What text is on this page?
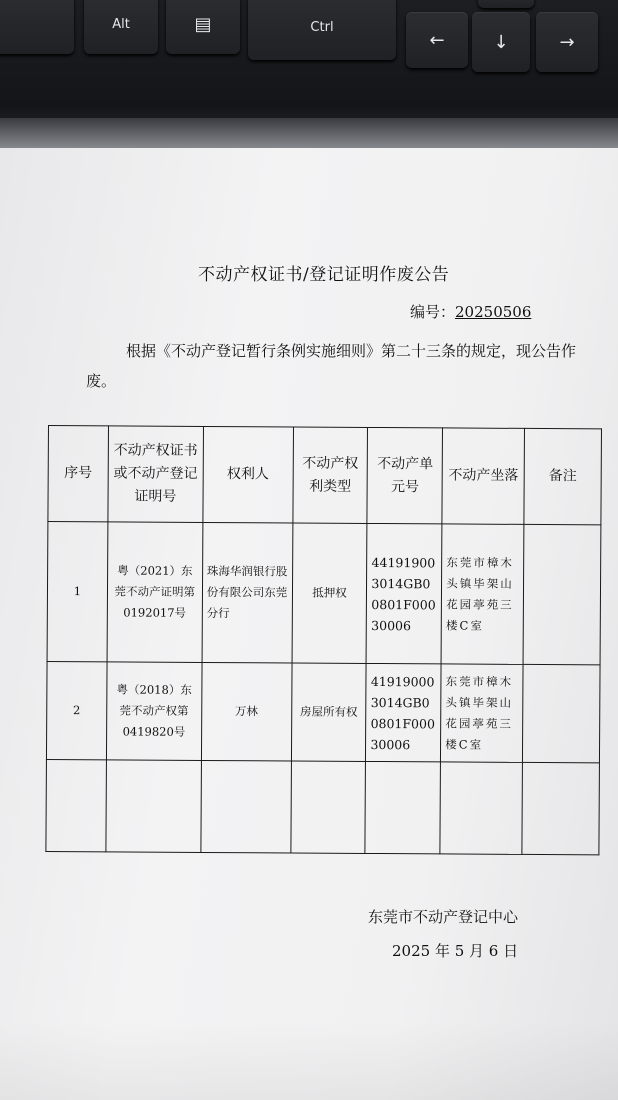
Alt	▤	Ctrl
←	↓	→
不动产权证书/登记证明作废公告
编号：20250506
根据《不动产登记暂行条例实施细则》第二十三条的规定，现公告作废。
序号	不动产权证书或不动产登记证明号	权利人	不动产权利类型	不动产单元号	不动产坐落	备注
1	粤（2021）东莞不动产证明第0192017号	珠海华润银行股份有限公司东莞分行	抵押权	441919003014GB00801F00030006	东莞市樟木头镇毕架山花园葶苑三楼C室	
2	粤（2018）东莞不动产权第0419820号	万林	房屋所有权	419190003014GB00801F00030006	东莞市樟木头镇毕架山花园葶苑三楼C室	

东莞市不动产登记中心
2025 年 5 月 6 日
